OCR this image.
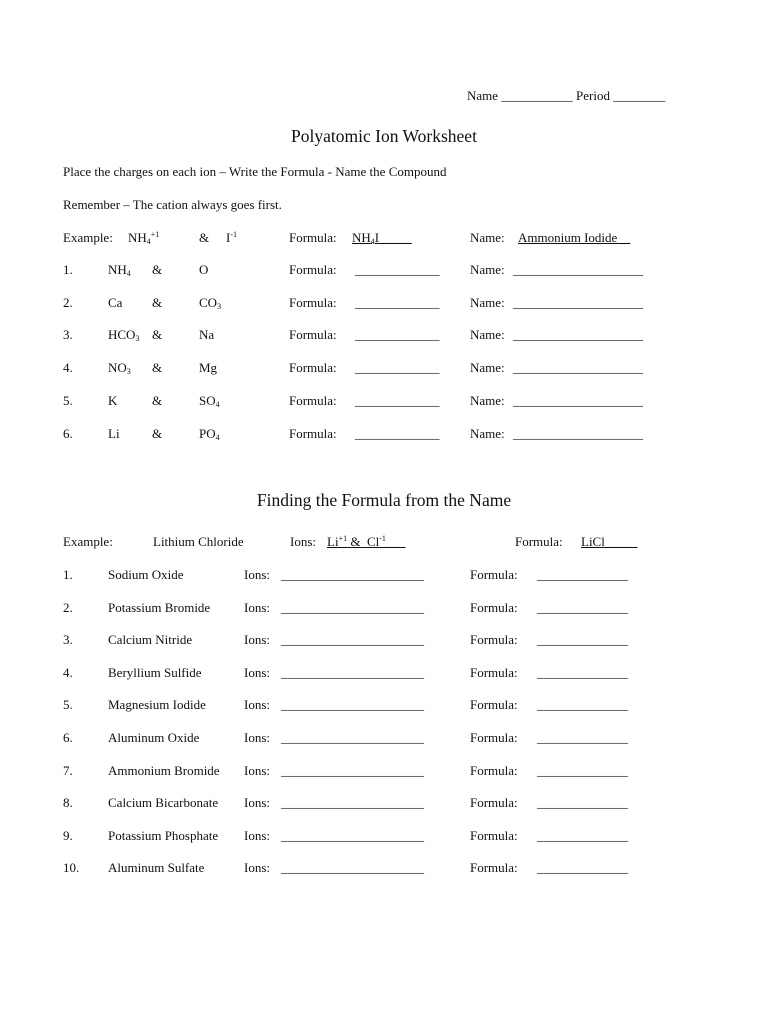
Name ___________ Period ________
Polyatomic Ion Worksheet
Place the charges on each ion – Write the Formula - Name the Compound
Remember – The cation always goes first.
Example: $NH_4^{+1}$	& $I^{-1}$	Formula: $NH_4I\_\_\_\_\_$	Name: Ammonium Iodide__
1.	$NH_4$ &	O	Formula: _____________ Name: ____________________
2.	Ca &	$CO_3$	Formula: _____________ Name: ____________________
3.	$HCO_3$ &	Na	Formula: _____________ Name: ____________________
4.	$NO_3$ &	Mg	Formula: _____________ Name: ____________________
5.	K	&	$SO_4$	Formula: _____________ Name: ____________________
6.	Li &	$PO_4$	Formula: _____________ Name: ____________________
Finding the Formula from the Name
Example:	Lithium Chloride	Ions: $Li^{+1}$ & $Cl^{-1}\_\_\_$	Formula: LiCl_____
1.	Sodium Oxide	Ions: ______________________	Formula: ______________
2.	Potassium Bromide	Ions: ______________________	Formula: ______________
3.	Calcium Nitride	Ions: ______________________	Formula: ______________
4.	Beryllium Sulfide	Ions: ______________________	Formula: ______________
5.	Magnesium Iodide	Ions: ______________________	Formula: ______________
6.	Aluminum Oxide	Ions: ______________________	Formula: ______________
7.	Ammonium Bromide Ions: ______________________	Formula: ______________
8.	Calcium Bicarbonate Ions: ______________________	Formula: ______________
9.	Potassium Phosphate Ions: ______________________	Formula: ______________
10. Aluminum Sulfate	Ions: ______________________	Formula: ______________
